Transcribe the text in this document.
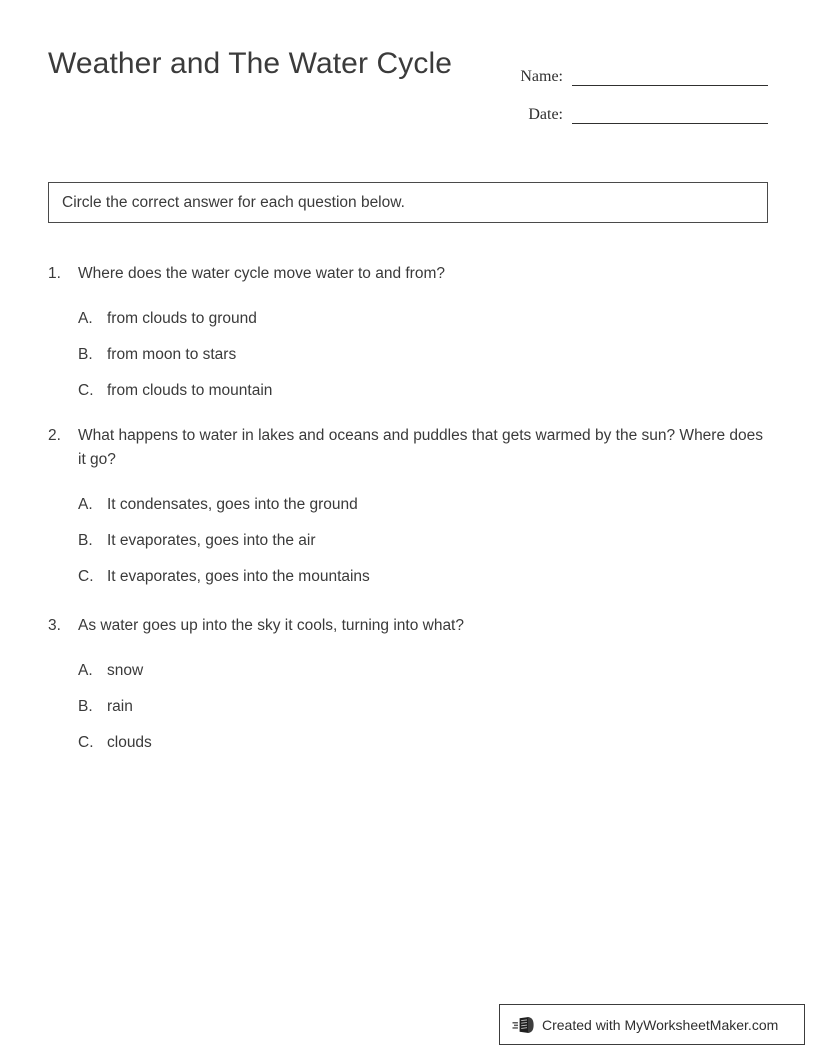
Weather and The Water Cycle	Name:
Date:
Circle the correct answer for each question below.
1.	Where does the water cycle move water to and from?
A. from clouds to ground
B. from moon to stars
C. from clouds to mountain
2.	What happens to water in lakes and oceans and puddles that gets warmed by the sun? Where does it go?
A. It condensates, goes into the ground
B. It evaporates, goes into the air
C. It evaporates, goes into the mountains
3.	As water goes up into the sky it cools, turning into what?
A. snow
B. rain
C. clouds
Created with MyWorksheetMaker.com
